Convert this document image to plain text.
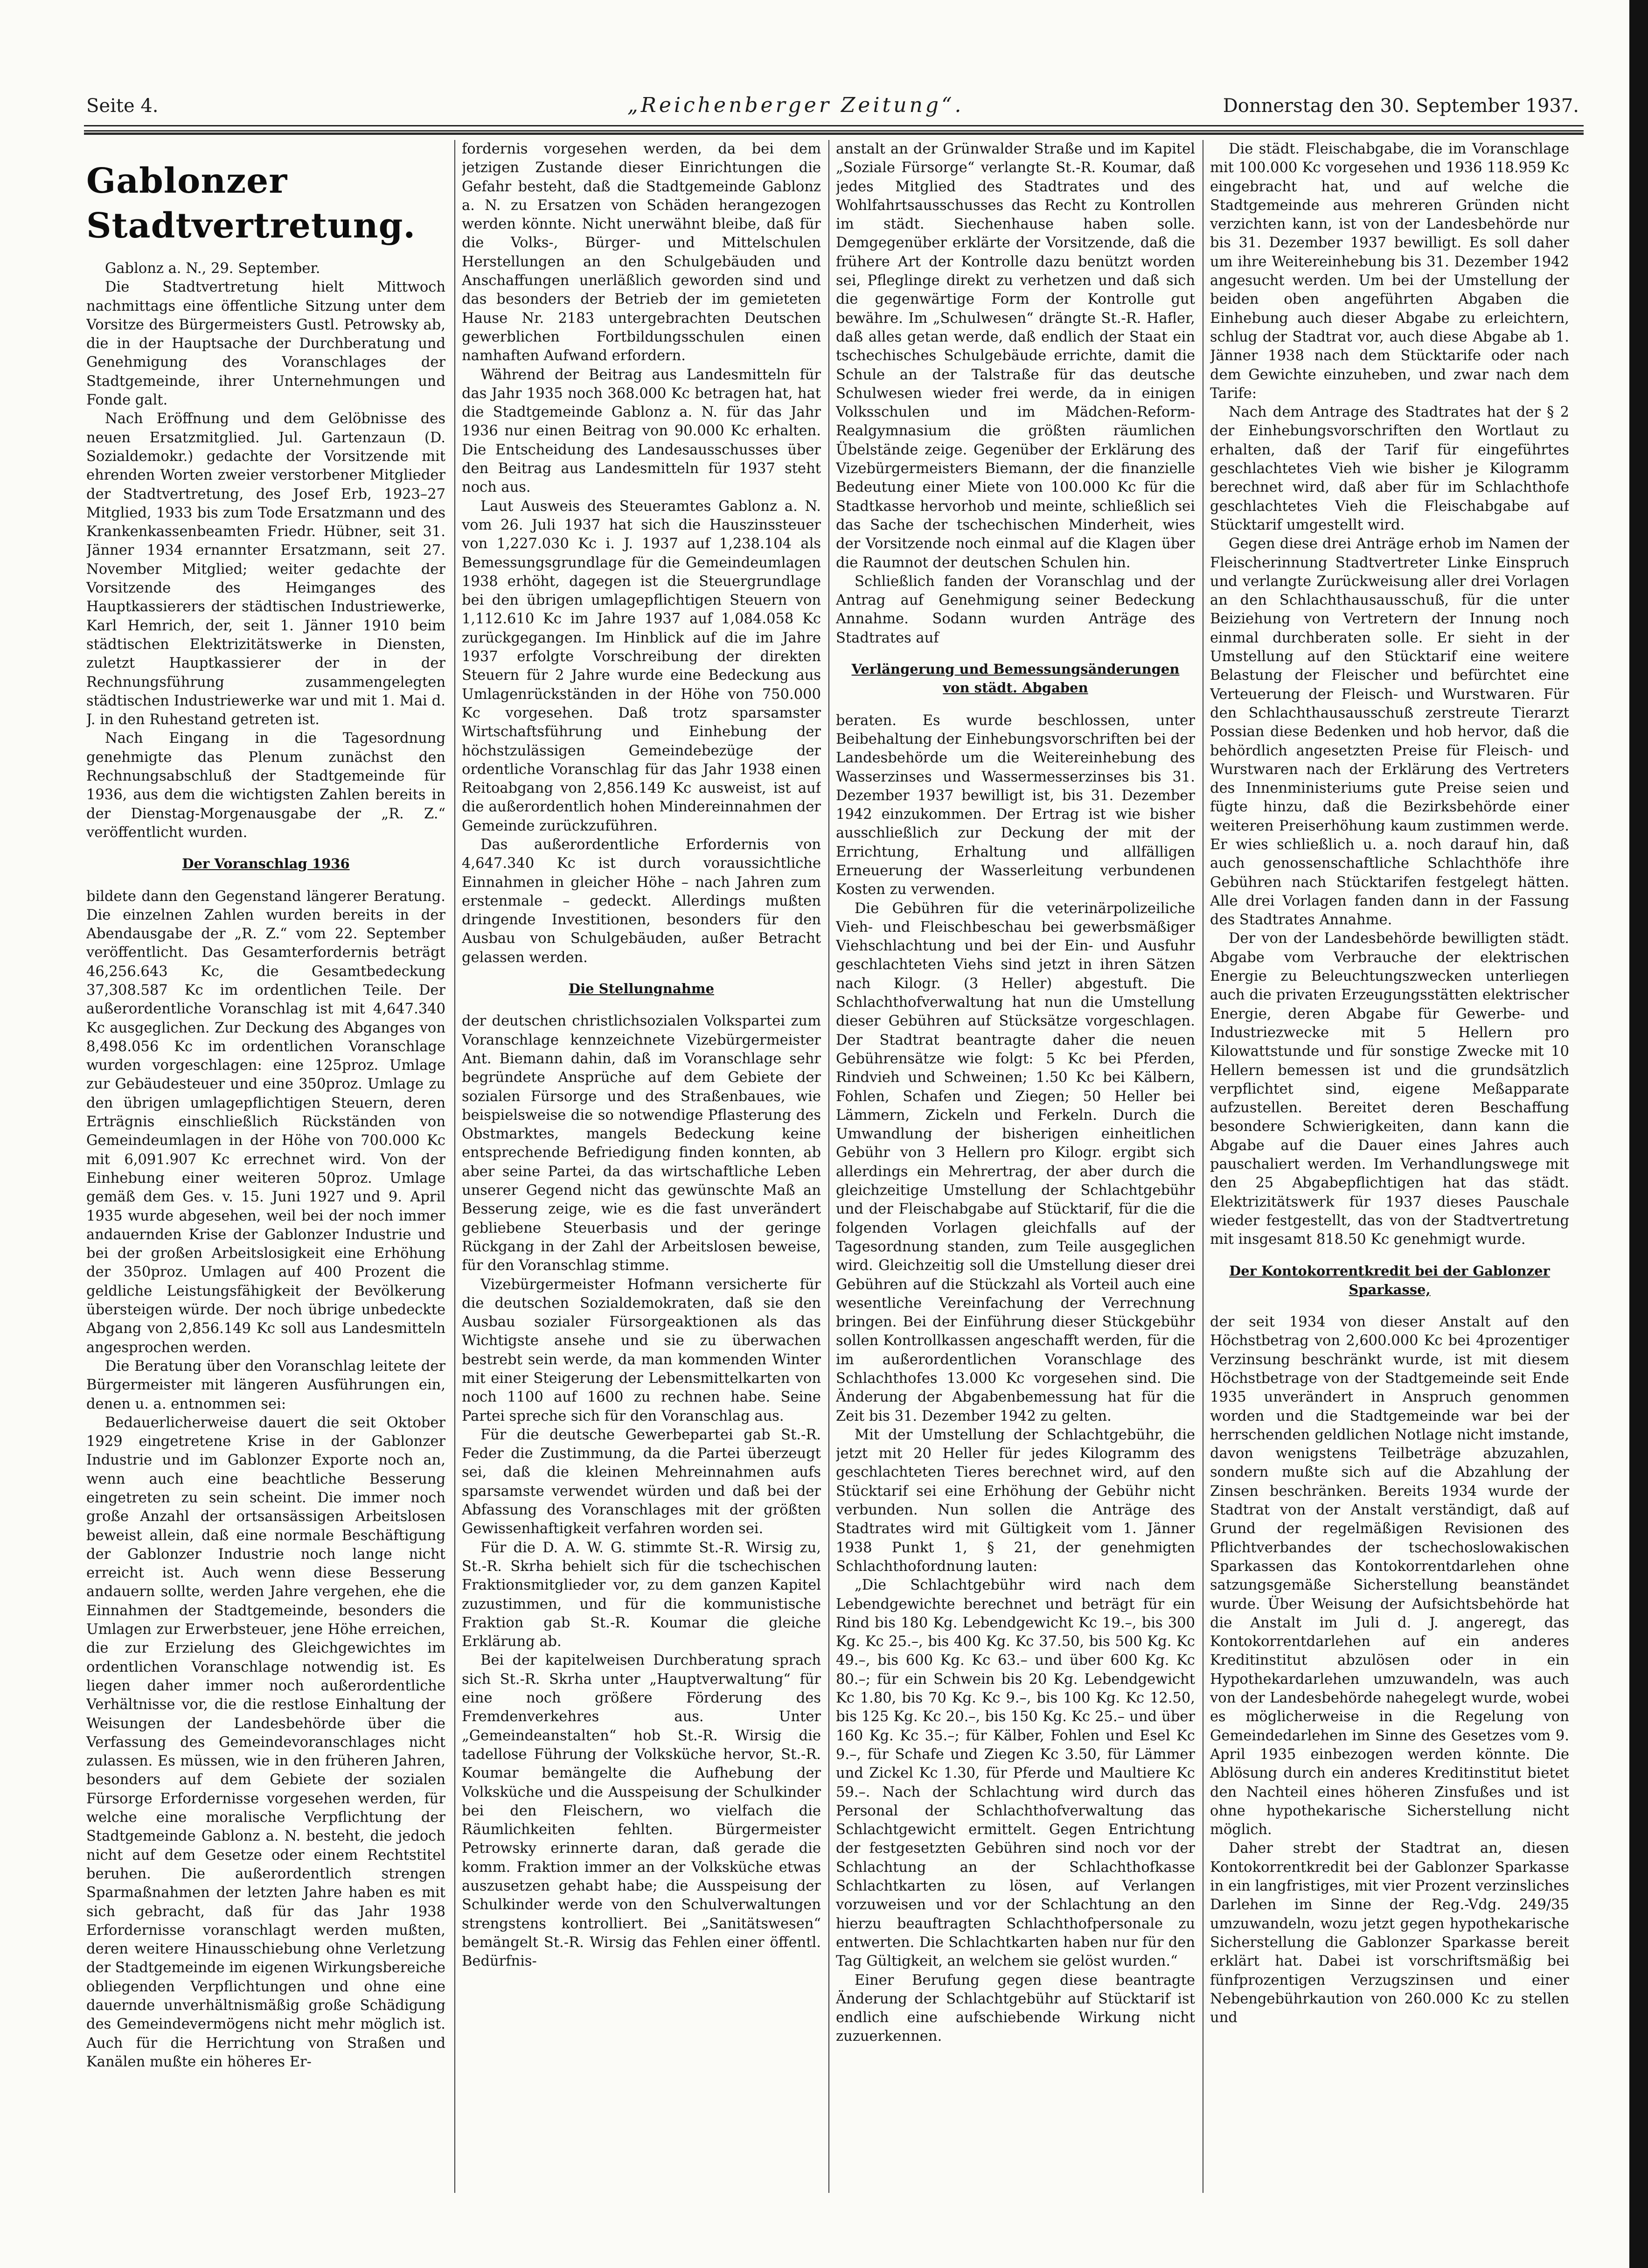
Seite 4.	„Reichenberger Zeitung“.	Donnerstag den 30. September 1937.
Gablonzer Stadtvertretung.

Gablonz a. N., 29. September.

Die Stadtvertretung hielt Mittwoch nachmittags eine öffentliche Sitzung unter dem Vorsitze des Bürgermeisters Gustl. Petrowsky ab, die in der Hauptsache der Durchberatung und Genehmigung des Voranschlages der Stadtgemeinde, ihrer Unternehmungen und Fonde galt.

Nach Eröffnung und dem Gelöbnisse des neuen Ersatzmitglied. Jul. Gartenzaun (D. Sozialdemokr.) gedachte der Vorsitzende mit ehrenden Worten zweier verstorbener Mitglieder der Stadtvertretung, des Josef Erb, 1923–27 Mitglied, 1933 bis zum Tode Ersatzmann und des Krankenkassenbeamten Friedr. Hübner, seit 31. Jänner 1934 ernannter Ersatzmann, seit 27. November Mitglied; weiter gedachte der Vorsitzende des Heimganges des Hauptkassierers der städtischen Industriewerke, Karl Hemrich, der, seit 1. Jänner 1910 beim städtischen Elektrizitätswerke in Diensten, zuletzt Hauptkassierer der in der Rechnungsführung zusammengelegten städtischen Industriewerke war und mit 1. Mai d. J. in den Ruhestand getreten ist.

Nach Eingang in die Tagesordnung genehmigte das Plenum zunächst den Rechnungsabschluß der Stadtgemeinde für 1936, aus dem die wichtigsten Zahlen bereits in der Dienstag-Morgenausgabe der „R. Z.“ veröffentlicht wurden.

Der Voranschlag 1936

bildete dann den Gegenstand längerer Beratung. Die einzelnen Zahlen wurden bereits in der Abendausgabe der „R. Z.“ vom 22. September veröffentlicht. Das Gesamterfordernis beträgt 46,256.643 Kc, die Gesamtbedeckung 37,308.587 Kc im ordentlichen Teile. Der außerordentliche Voranschlag ist mit 4,647.340 Kc ausgeglichen. Zur Deckung des Abganges von 8,498.056 Kc im ordentlichen Voranschlage wurden vorgeschlagen: eine 125proz. Umlage zur Gebäudesteuer und eine 350proz. Umlage zu den übrigen umlagepflichtigen Steuern, deren Erträgnis einschließlich Rückständen von Gemeindeumlagen in der Höhe von 700.000 Kc mit 6,091.907 Kc errechnet wird. Von der Einhebung einer weiteren 50proz. Umlage gemäß dem Ges. v. 15. Juni 1927 und 9. April 1935 wurde abgesehen, weil bei der noch immer andauernden Krise der Gablonzer Industrie und bei der großen Arbeitslosigkeit eine Erhöhung der 350proz. Umlagen auf 400 Prozent die geldliche Leistungsfähigkeit der Bevölkerung übersteigen würde. Der noch übrige unbedeckte Abgang von 2,856.149 Kc soll aus Landesmitteln angesprochen werden.

Die Beratung über den Voranschlag leitete der Bürgermeister mit längeren Ausführungen ein, denen u. a. entnommen sei:

Bedauerlicherweise dauert die seit Oktober 1929 eingetretene Krise in der Gablonzer Industrie und im Gablonzer Exporte noch an, wenn auch eine beachtliche Besserung eingetreten zu sein scheint. Die immer noch große Anzahl der ortsansässigen Arbeitslosen beweist allein, daß eine normale Beschäftigung der Gablonzer Industrie noch lange nicht erreicht ist. Auch wenn diese Besserung andauern sollte, werden Jahre vergehen, ehe die Einnahmen der Stadtgemeinde, besonders die Umlagen zur Erwerbsteuer, jene Höhe erreichen, die zur Erzielung des Gleichgewichtes im ordentlichen Voranschlage notwendig ist. Es liegen daher immer noch außerordentliche Verhältnisse vor, die die restlose Einhaltung der Weisungen der Landesbehörde über die Verfassung des Gemeindevoranschlages nicht zulassen. Es müssen, wie in den früheren Jahren, besonders auf dem Gebiete der sozialen Fürsorge Erfordernisse vorgesehen werden, für welche eine moralische Verpflichtung der Stadtgemeinde Gablonz a. N. besteht, die jedoch nicht auf dem Gesetze oder einem Rechtstitel beruhen. Die außerordentlich strengen Sparmaßnahmen der letzten Jahre haben es mit sich gebracht, daß für das Jahr 1938 Erfordernisse voranschlagt werden mußten, deren weitere Hinausschiebung ohne Verletzung der Stadtgemeinde im eigenen Wirkungsbereiche obliegenden Verpflichtungen und ohne eine dauernde unverhältnismäßig große Schädigung des Gemeindevermögens nicht mehr möglich ist. Auch für die Herrichtung von Straßen und Kanälen mußte ein höheres Er-

fordernis vorgesehen werden, da bei dem jetzigen Zustande dieser Einrichtungen die Gefahr besteht, daß die Stadtgemeinde Gablonz a. N. zu Ersatzen von Schäden herangezogen werden könnte. Nicht unerwähnt bleibe, daß für die Volks-, Bürger- und Mittelschulen Herstellungen an den Schulgebäuden und Anschaffungen unerläßlich geworden sind und das besonders der Betrieb der im gemieteten Hause Nr. 2183 untergebrachten Deutschen gewerblichen Fortbildungsschulen einen namhaften Aufwand erfordern.

Während der Beitrag aus Landesmitteln für das Jahr 1935 noch 368.000 Kc betragen hat, hat die Stadtgemeinde Gablonz a. N. für das Jahr 1936 nur einen Beitrag von 90.000 Kc erhalten. Die Entscheidung des Landesausschusses über den Beitrag aus Landesmitteln für 1937 steht noch aus.

Laut Ausweis des Steueramtes Gablonz a. N. vom 26. Juli 1937 hat sich die Hauszinssteuer von 1,227.030 Kc i. J. 1937 auf 1,238.104 als Bemessungsgrundlage für die Gemeindeumlagen 1938 erhöht, dagegen ist die Steuergrundlage bei den übrigen umlagepflichtigen Steuern von 1,112.610 Kc im Jahre 1937 auf 1,084.058 Kc zurückgegangen. Im Hinblick auf die im Jahre 1937 erfolgte Vorschreibung der direkten Steuern für 2 Jahre wurde eine Bedeckung aus Umlagenrückständen in der Höhe von 750.000 Kc vorgesehen. Daß trotz sparsamster Wirtschaftsführung und Einhebung der höchstzulässigen Gemeindebezüge der ordentliche Voranschlag für das Jahr 1938 einen Reitoabgang von 2,856.149 Kc ausweist, ist auf die außerordentlich hohen Mindereinnahmen der Gemeinde zurückzuführen.

Das außerordentliche Erfordernis von 4,647.340 Kc ist durch voraussichtliche Einnahmen in gleicher Höhe – nach Jahren zum erstenmale – gedeckt. Allerdings mußten dringende Investitionen, besonders für den Ausbau von Schulgebäuden, außer Betracht gelassen werden.

Die Stellungnahme

der deutschen christlichsozialen Volkspartei zum Voranschlage kennzeichnete Vizebürgermeister Ant. Biemann dahin, daß im Voranschlage sehr begründete Ansprüche auf dem Gebiete der sozialen Fürsorge und des Straßenbaues, wie beispielsweise die so notwendige Pflasterung des Obstmarktes, mangels Bedeckung keine entsprechende Befriedigung finden konnten, ab aber seine Partei, da das wirtschaftliche Leben unserer Gegend nicht das gewünschte Maß an Besserung zeige, wie es die fast unverändert gebliebene Steuerbasis und der geringe Rückgang in der Zahl der Arbeitslosen beweise, für den Voranschlag stimme.

Vizebürgermeister Hofmann versicherte für die deutschen Sozialdemokraten, daß sie den Ausbau sozialer Fürsorgeaktionen als das Wichtigste ansehe und sie zu überwachen bestrebt sein werde, da man kommenden Winter mit einer Steigerung der Lebensmittelkarten von noch 1100 auf 1600 zu rechnen habe. Seine Partei spreche sich für den Voranschlag aus.

Für die deutsche Gewerbepartei gab St.-R. Feder die Zustimmung, da die Partei überzeugt sei, daß die kleinen Mehreinnahmen aufs sparsamste verwendet würden und daß bei der Abfassung des Voranschlages mit der größten Gewissenhaftigkeit verfahren worden sei.

Für die D. A. W. G. stimmte St.-R. Wirsig zu, St.-R. Skrha behielt sich für die tschechischen Fraktionsmitglieder vor, zu dem ganzen Kapitel zuzustimmen, und für die kommunistische Fraktion gab St.-R. Koumar die gleiche Erklärung ab.

Bei der kapitelweisen Durchberatung sprach sich St.-R. Skrha unter „Hauptverwaltung“ für eine noch größere Förderung des Fremdenverkehres aus. Unter „Gemeindeanstalten“ hob St.-R. Wirsig die tadellose Führung der Volksküche hervor, St.-R. Koumar bemängelte die Aufhebung der Volksküche und die Ausspeisung der Schulkinder bei den Fleischern, wo vielfach die Räumlichkeiten fehlten. Bürgermeister Petrowsky erinnerte daran, daß gerade die komm. Fraktion immer an der Volksküche etwas auszusetzen gehabt habe; die Ausspeisung der Schulkinder werde von den Schulverwaltungen strengstens kontrolliert. Bei „Sanitätswesen“ bemängelt St.-R. Wirsig das Fehlen einer öffentl. Bedürfnis-

anstalt an der Grünwalder Straße und im Kapitel „Soziale Fürsorge“ verlangte St.-R. Koumar, daß jedes Mitglied des Stadtrates und des Wohlfahrtsausschusses das Recht zu Kontrollen im städt. Siechenhause haben solle. Demgegenüber erklärte der Vorsitzende, daß die frühere Art der Kontrolle dazu benützt worden sei, Pfleglinge direkt zu verhetzen und daß sich die gegenwärtige Form der Kontrolle gut bewähre. Im „Schulwesen“ drängte St.-R. Hafler, daß alles getan werde, daß endlich der Staat ein tschechisches Schulgebäude errichte, damit die Schule an der Talstraße für das deutsche Schulwesen wieder frei werde, da in einigen Volksschulen und im Mädchen-Reform-Realgymnasium die größten räumlichen Übelstände zeige. Gegenüber der Erklärung des Vizebürgermeisters Biemann, der die finanzielle Bedeutung einer Miete von 100.000 Kc für die Stadtkasse hervorhob und meinte, schließlich sei das Sache der tschechischen Minderheit, wies der Vorsitzende noch einmal auf die Klagen über die Raumnot der deutschen Schulen hin.

Schließlich fanden der Voranschlag und der Antrag auf Genehmigung seiner Bedeckung Annahme. Sodann wurden Anträge des Stadtrates auf

Verlängerung und Bemessungsänderungen von städt. Abgaben

beraten. Es wurde beschlossen, unter Beibehaltung der Einhebungsvorschriften bei der Landesbehörde um die Weitereinhebung des Wasserzinses und Wassermesserzinses bis 31. Dezember 1937 bewilligt ist, bis 31. Dezember 1942 einzukommen. Der Ertrag ist wie bisher ausschließlich zur Deckung der mit der Errichtung, Erhaltung und allfälligen Erneuerung der Wasserleitung verbundenen Kosten zu verwenden.

Die Gebühren für die veterinärpolizeiliche Vieh- und Fleischbeschau bei gewerbsmäßiger Viehschlachtung und bei der Ein- und Ausfuhr geschlachteten Viehs sind jetzt in ihren Sätzen nach Kilogr. (3 Heller) abgestuft. Die Schlachthofverwaltung hat nun die Umstellung dieser Gebühren auf Stücksätze vorgeschlagen. Der Stadtrat beantragte daher die neuen Gebührensätze wie folgt: 5 Kc bei Pferden, Rindvieh und Schweinen; 1.50 Kc bei Kälbern, Fohlen, Schafen und Ziegen; 50 Heller bei Lämmern, Zickeln und Ferkeln. Durch die Umwandlung der bisherigen einheitlichen Gebühr von 3 Hellern pro Kilogr. ergibt sich allerdings ein Mehrertrag, der aber durch die gleichzeitige Umstellung der Schlachtgebühr und der Fleischabgabe auf Stücktarif, für die die folgenden Vorlagen gleichfalls auf der Tagesordnung standen, zum Teile ausgeglichen wird. Gleichzeitig soll die Umstellung dieser drei Gebühren auf die Stückzahl als Vorteil auch eine wesentliche Vereinfachung der Verrechnung bringen. Bei der Einführung dieser Stückgebühr sollen Kontrollkassen angeschafft werden, für die im außerordentlichen Voranschlage des Schlachthofes 13.000 Kc vorgesehen sind. Die Änderung der Abgabenbemessung hat für die Zeit bis 31. Dezember 1942 zu gelten.

Mit der Umstellung der Schlachtgebühr, die jetzt mit 20 Heller für jedes Kilogramm des geschlachteten Tieres berechnet wird, auf den Stücktarif sei eine Erhöhung der Gebühr nicht verbunden. Nun sollen die Anträge des Stadtrates wird mit Gültigkeit vom 1. Jänner 1938 Punkt 1, § 21, der genehmigten Schlachthofordnung lauten:

„Die Schlachtgebühr wird nach dem Lebendgewichte berechnet und beträgt für ein Rind bis 180 Kg. Lebendgewicht Kc 19.–, bis 300 Kg. Kc 25.–, bis 400 Kg. Kc 37.50, bis 500 Kg. Kc 49.–, bis 600 Kg. Kc 63.– und über 600 Kg. Kc 80.–; für ein Schwein bis 20 Kg. Lebendgewicht Kc 1.80, bis 70 Kg. Kc 9.–, bis 100 Kg. Kc 12.50, bis 125 Kg. Kc 20.–, bis 150 Kg. Kc 25.– und über 160 Kg. Kc 35.–; für Kälber, Fohlen und Esel Kc 9.–, für Schafe und Ziegen Kc 3.50, für Lämmer und Zickel Kc 1.30, für Pferde und Maultiere Kc 59.–. Nach der Schlachtung wird durch das Personal der Schlachthofverwaltung das Schlachtgewicht ermittelt. Gegen Entrichtung der festgesetzten Gebühren sind noch vor der Schlachtung an der Schlachthofkasse Schlachtkarten zu lösen, auf Verlangen vorzuweisen und vor der Schlachtung an den hierzu beauftragten Schlachthofpersonale zu entwerten. Die Schlachtkarten haben nur für den Tag Gültigkeit, an welchem sie gelöst wurden.“

Einer Berufung gegen diese beantragte Änderung der Schlachtgebühr auf Stücktarif ist endlich eine aufschiebende Wirkung nicht zuzuerkennen.

Die städt. Fleischabgabe, die im Voranschlage mit 100.000 Kc vorgesehen und 1936 118.959 Kc eingebracht hat, und auf welche die Stadtgemeinde aus mehreren Gründen nicht verzichten kann, ist von der Landesbehörde nur bis 31. Dezember 1937 bewilligt. Es soll daher um ihre Weitereinhebung bis 31. Dezember 1942 angesucht werden. Um bei der Umstellung der beiden oben angeführten Abgaben die Einhebung auch dieser Abgabe zu erleichtern, schlug der Stadtrat vor, auch diese Abgabe ab 1. Jänner 1938 nach dem Stücktarife oder nach dem Gewichte einzuheben, und zwar nach dem Tarife:

Nach dem Antrage des Stadtrates hat der § 2 der Einhebungsvorschriften den Wortlaut zu erhalten, daß der Tarif für eingeführtes geschlachtetes Vieh wie bisher je Kilogramm berechnet wird, daß aber für im Schlachthofe geschlachtetes Vieh die Fleischabgabe auf Stücktarif umgestellt wird.

Gegen diese drei Anträge erhob im Namen der Fleischerinnung Stadtvertreter Linke Einspruch und verlangte Zurückweisung aller drei Vorlagen an den Schlachthausausschuß, für die unter Beiziehung von Vertretern der Innung noch einmal durchberaten solle. Er sieht in der Umstellung auf den Stücktarif eine weitere Belastung der Fleischer und befürchtet eine Verteuerung der Fleisch- und Wurstwaren. Für den Schlachthausausschuß zerstreute Tierarzt Possian diese Bedenken und hob hervor, daß die behördlich angesetzten Preise für Fleisch- und Wurstwaren nach der Erklärung des Vertreters des Innenministeriums gute Preise seien und fügte hinzu, daß die Bezirksbehörde einer weiteren Preiserhöhung kaum zustimmen werde. Er wies schließlich u. a. noch darauf hin, daß auch genossenschaftliche Schlachthöfe ihre Gebühren nach Stücktarifen festgelegt hätten. Alle drei Vorlagen fanden dann in der Fassung des Stadtrates Annahme.

Der von der Landesbehörde bewilligten städt. Abgabe vom Verbrauche der elektrischen Energie zu Beleuchtungszwecken unterliegen auch die privaten Erzeugungsstätten elektrischer Energie, deren Abgabe für Gewerbe- und Industriezwecke mit 5 Hellern pro Kilowattstunde und für sonstige Zwecke mit 10 Hellern bemessen ist und die grundsätzlich verpflichtet sind, eigene Meßapparate aufzustellen. Bereitet deren Beschaffung besondere Schwierigkeiten, dann kann die Abgabe auf die Dauer eines Jahres auch pauschaliert werden. Im Verhandlungswege mit den 25 Abgabepflichtigen hat das städt. Elektrizitätswerk für 1937 dieses Pauschale wieder festgestellt, das von der Stadtvertretung mit insgesamt 818.50 Kc genehmigt wurde.

Der Kontokorrentkredit bei der Gablonzer Sparkasse,

der seit 1934 von dieser Anstalt auf den Höchstbetrag von 2,600.000 Kc bei 4prozentiger Verzinsung beschränkt wurde, ist mit diesem Höchstbetrage von der Stadtgemeinde seit Ende 1935 unverändert in Anspruch genommen worden und die Stadtgemeinde war bei der herrschenden geldlichen Notlage nicht imstande, davon wenigstens Teilbeträge abzuzahlen, sondern mußte sich auf die Abzahlung der Zinsen beschränken. Bereits 1934 wurde der Stadtrat von der Anstalt verständigt, daß auf Grund der regelmäßigen Revisionen des Pflichtverbandes der tschechoslowakischen Sparkassen das Kontokorrentdarlehen ohne satzungsgemäße Sicherstellung beanständet wurde. Über Weisung der Aufsichtsbehörde hat die Anstalt im Juli d. J. angeregt, das Kontokorrentdarlehen auf ein anderes Kreditinstitut abzulösen oder in ein Hypothekardarlehen umzuwandeln, was auch von der Landesbehörde nahegelegt wurde, wobei es möglicherweise in die Regelung von Gemeindedarlehen im Sinne des Gesetzes vom 9. April 1935 einbezogen werden könnte. Die Ablösung durch ein anderes Kreditinstitut bietet den Nachteil eines höheren Zinsfußes und ist ohne hypothekarische Sicherstellung nicht möglich.

Daher strebt der Stadtrat an, diesen Kontokorrentkredit bei der Gablonzer Sparkasse in ein langfristiges, mit vier Prozent verzinsliches Darlehen im Sinne der Reg.-Vdg. 249/35 umzuwandeln, wozu jetzt gegen hypothekarische Sicherstellung die Gablonzer Sparkasse bereit erklärt hat. Dabei ist vorschriftsmäßig bei fünfprozentigen Verzugszinsen und einer Nebengebührkaution von 260.000 Kc zu stellen und
